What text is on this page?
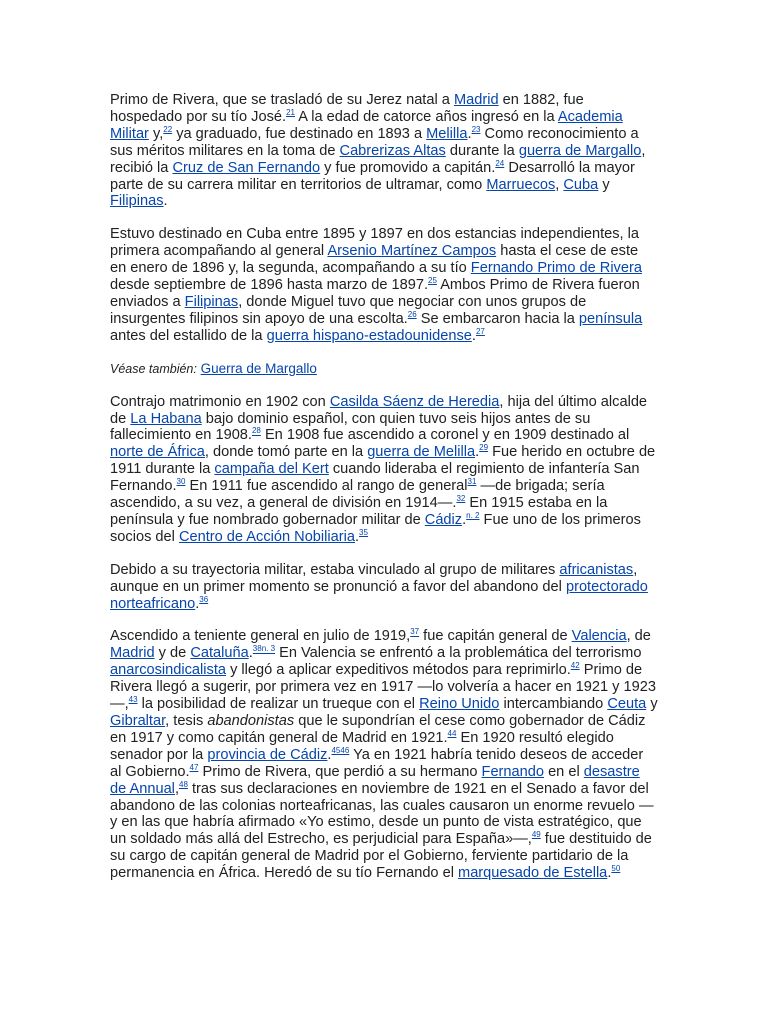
Primo de Rivera, que se trasladó de su Jerez natal a Madrid en 1882, fue hospedado por su tío José.$^{21}$ A la edad de catorce años ingresó en la Academia Militar y,$^{22}$ ya graduado, fue destinado en 1893 a Melilla.$^{23}$ Como reconocimiento a sus méritos militares en la toma de Cabrerizas Altas durante la guerra de Margallo, recibió la Cruz de San Fernando y fue promovido a capitán.$^{24}$ Desarrolló la mayor parte de su carrera militar en territorios de ultramar, como Marruecos, Cuba y Filipinas.

Estuvo destinado en Cuba entre 1895 y 1897 en dos estancias independientes, la primera acompañando al general Arsenio Martínez Campos hasta el cese de este en enero de 1896 y, la segunda, acompañando a su tío Fernando Primo de Rivera desde septiembre de 1896 hasta marzo de 1897.25 Ambos Primo de Rivera fueron enviados a Filipinas, donde Miguel tuvo que negociar con unos grupos de insurgentes filipinos sin apoyo de una escolta.$^{26}$ Se embarcaron hacia la península antes del estallido de la guerra hispano-estadounidense.$^{27}$

Véase también: Guerra de Margallo

Contrajo matrimonio en 1902 con Casilda Sáenz de Heredia, hija del último alcalde de La Habana bajo dominio español, con quien tuvo seis hijos antes de su fallecimiento en 1908.28 En 1908 fue ascendido a coronel y en 1909 destinado al norte de África, donde tomó parte en la guerra de Melilla.$^{29}$ Fue herido en octubre de 1911 durante la campaña del Kert cuando lideraba el regimiento de infantería San Fernando.$^{30}$ En 1911 fue ascendido al rango de general$^{31}$ —de brigada; sería ascendido, a su vez, a general de división en 1914—.$^{32}$ En 1915 estaba en la península y fue nombrado gobernador militar de Cádiz.$^{n. 2}$ Fue uno de los primeros socios del Centro de Acción Nobiliaria.$^{35}$

Debido a su trayectoria militar, estaba vinculado al grupo de militares africanistas, aunque en un primer momento se pronunció a favor del abandono del protectorado norteafricano.$^{36}$

Ascendido a teniente general en julio de 1919,37 fue capitán general de Valencia, de Madrid y de Cataluña.$^{38n. 3}$ En Valencia se enfrentó a la problemática del terrorismo anarcosindicalista y llegó a aplicar expeditivos métodos para reprimirlo.$^{42}$ Primo de Rivera llegó a sugerir, por primera vez en 1917 —lo volvería a hacer en 1921 y 1923—,$^{43}$ la posibilidad de realizar un trueque con el Reino Unido intercambiando Ceuta y Gibraltar, tesis abandonistas que le supondrían el cese como gobernador de Cádiz en 1917 y como capitán general de Madrid en 1921.44 En 1920 resultó elegido senador por la provincia de Cádiz.$^{4546}$ Ya en 1921 habría tenido deseos de acceder al Gobierno.$^{47}$ Primo de Rivera, que perdió a su hermano Fernando en el desastre de Annual,$^{48}$ tras sus declaraciones en noviembre de 1921 en el Senado a favor del abandono de las colonias norteafricanas, las cuales causaron un enorme revuelo —y en las que habría afirmado «Yo estimo, desde un punto de vista estratégico, que un soldado más allá del Estrecho, es perjudicial para España»—,$^{49}$ fue destituido de su cargo de capitán general de Madrid por el Gobierno, ferviente partidario de la permanencia en África. Heredó de su tío Fernando el marquesado de Estella.$^{50}$
